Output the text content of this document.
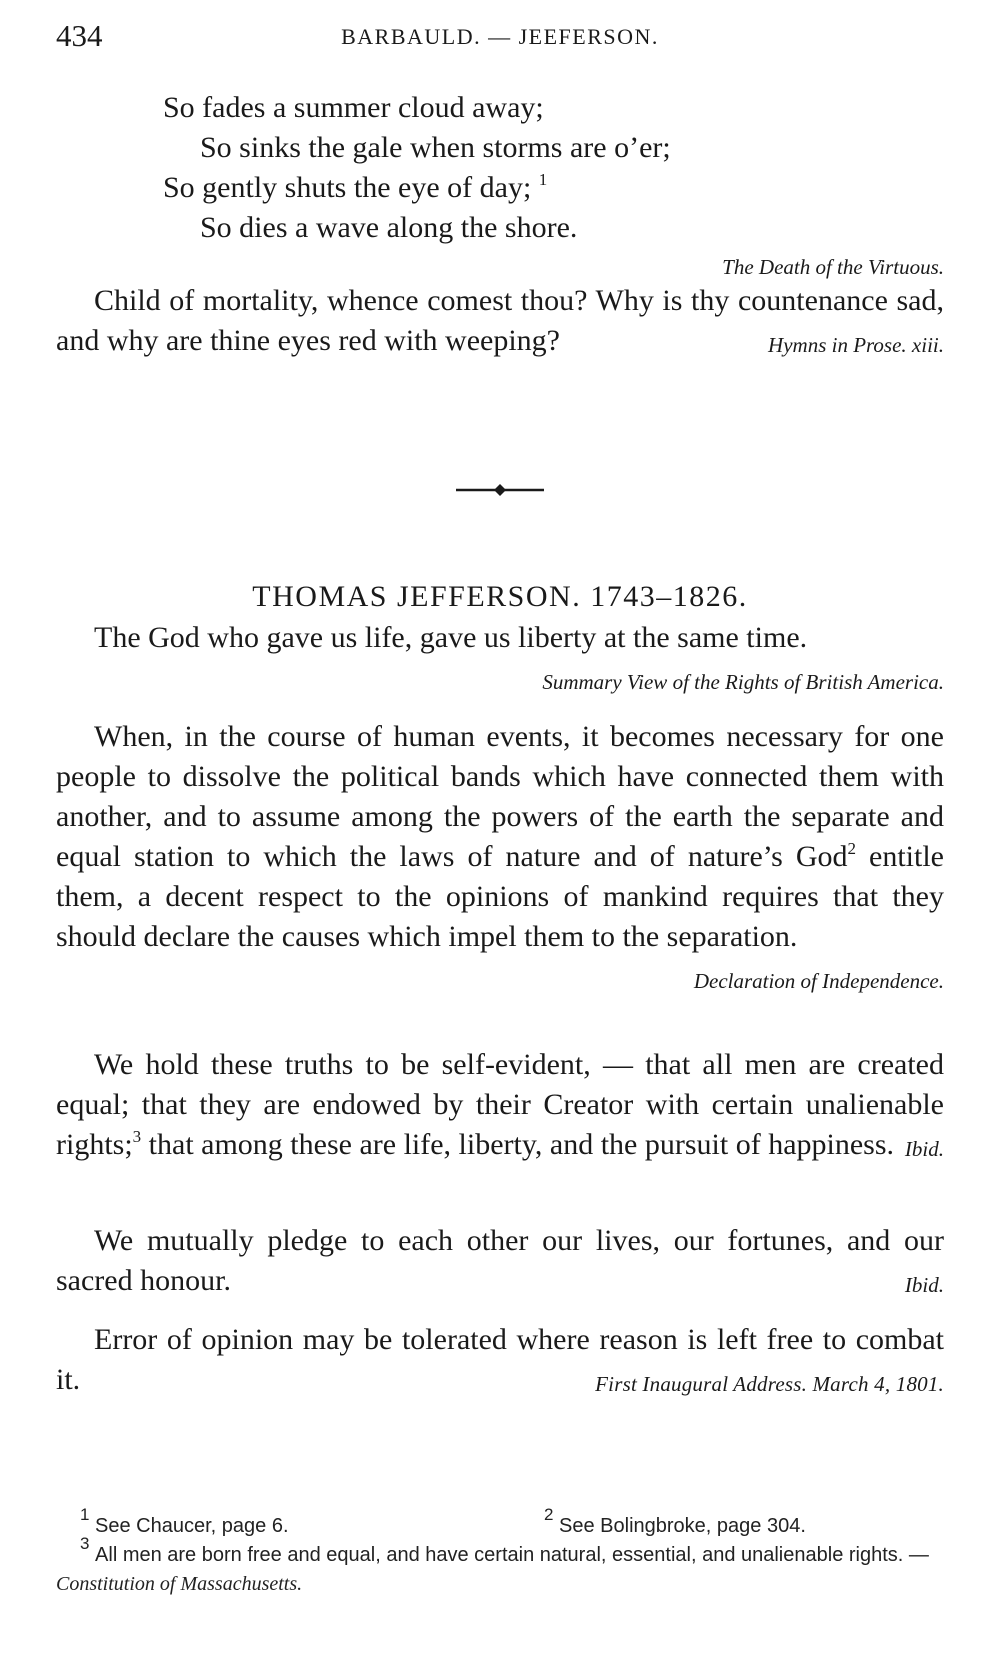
434	BARBAULD. — JEEFERSON.
So fades a summer cloud away;
So sinks the gale when storms are o’er;
So gently shuts the eye of day; $^1$
So dies a wave along the shore.
The Death of the Virtuous.

Child of mortality, whence comest thou? Why is thy countenance sad, and why are thine eyes red with weeping?	Hymns in Prose. xiii.

THOMAS JEFFERSON. 1743–1826.

The God who gave us life, gave us liberty at the same time.
Summary View of the Rights of British America.

When, in the course of human events, it becomes necessary for one people to dissolve the political bands which have connected them with another, and to assume among the powers of the earth the separate and equal station to which the laws of nature and of nature’s God$^2$ entitle them, a decent respect to the opinions of mankind requires that they should declare the causes which impel them to the separation.
Declaration of Independence.

We hold these truths to be self-evident, — that all men are created equal; that they are endowed by their Creator with certain unalienable rights;$^3$ that among these are life, liberty, and the pursuit of happiness. Ibid.

We mutually pledge to each other our lives, our fortunes, and our sacred honour.	Ibid.

Error of opinion may be tolerated where reason is left free to combat it.	First Inaugural Address. March 4, 1801.

$^1$ See Chaucer, page 6.
$^2$ See Bolingbroke, page 304.
$^3$ All men are born free and equal, and have certain natural, essential, and unalienable rights. — Constitution of Massachusetts.
